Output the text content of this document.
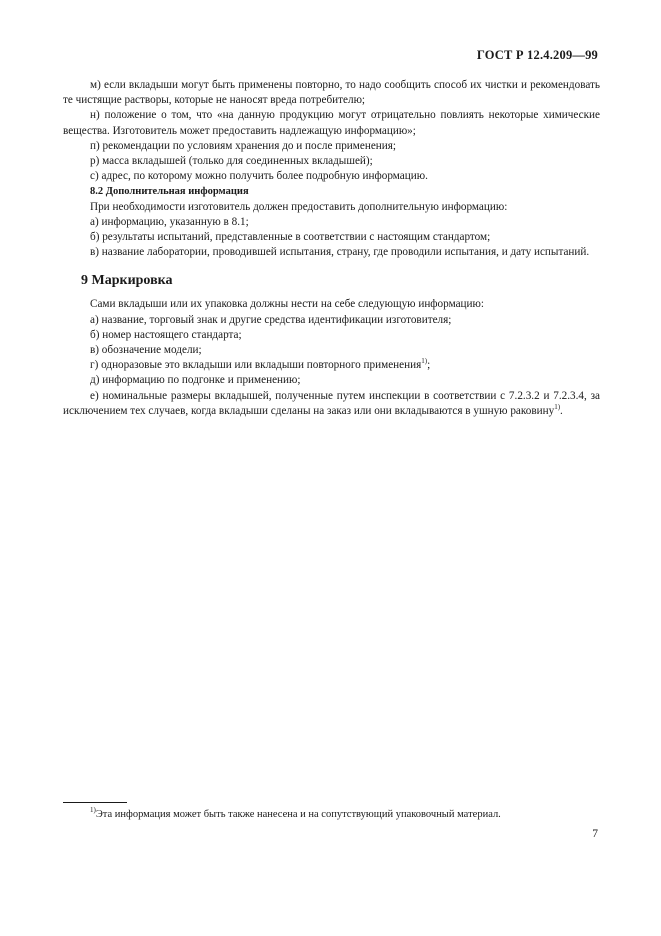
ГОСТ Р 12.4.209—99

м) если вкладыши могут быть применены повторно, то надо сообщить способ их чистки и рекомендовать те чистящие растворы, которые не наносят вреда потребителю;

н) положение о том, что «на данную продукцию могут отрицательно повлиять некоторые химические вещества. Изготовитель может предоставить надлежащую информацию»;

п) рекомендации по условиям хранения до и после применения;

р) масса вкладышей (только для соединенных вкладышей);

с) адрес, по которому можно получить более подробную информацию.

8.2 Дополнительная информация

При необходимости изготовитель должен предоставить дополнительную информацию:

а) информацию, указанную в 8.1;

б) результаты испытаний, представленные в соответствии с настоящим стандартом;

в) название лаборатории, проводившей испытания, страну, где проводили испытания, и дату испытаний.

9 Маркировка

Сами вкладыши или их упаковка должны нести на себе следующую информацию:

а) название, торговый знак и другие средства идентификации изготовителя;

б) номер настоящего стандарта;

в) обозначение модели;

г) одноразовые это вкладыши или вкладыши повторного применения$^{1)}$;

д) информацию по подгонке и применению;

е) номинальные размеры вкладышей, полученные путем инспекции в соответствии с 7.2.3.2 и 7.2.3.4, за исключением тех случаев, когда вкладыши сделаны на заказ или они вкладываются в ушную раковину$^{1)}$.

$^{1)}$Эта информация может быть также нанесена и на сопутствующий упаковочный материал.
7
